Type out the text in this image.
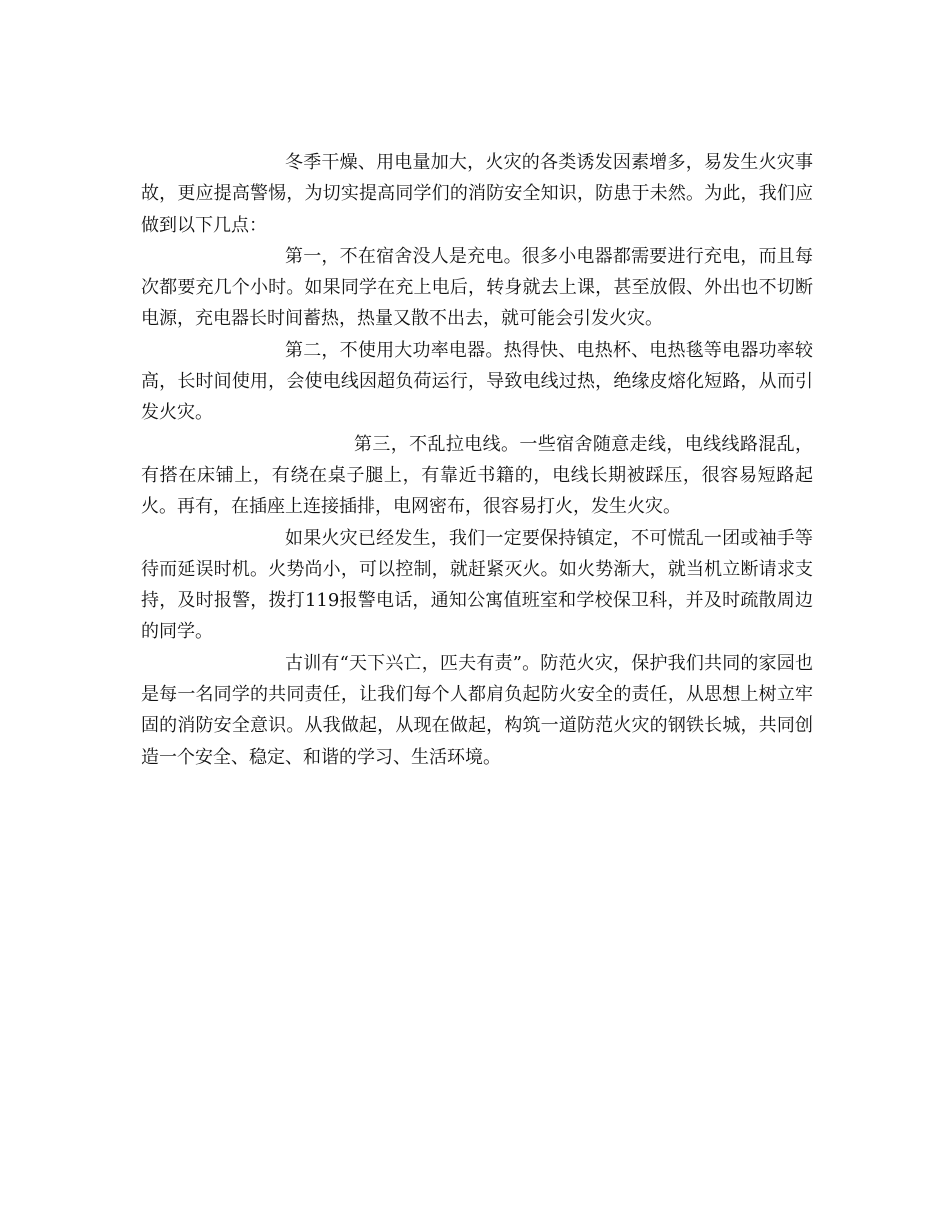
冬季干燥、用电量加大，火灾的各类诱发因素增多，易发生火灾事故，更应提高警惕，为切实提高同学们的消防安全知识，防患于未然。为此，我们应做到以下几点：

第一，不在宿舍没人是充电。很多小电器都需要进行充电，而且每次都要充几个小时。如果同学在充上电后，转身就去上课，甚至放假、外出也不切断电源，充电器长时间蓄热，热量又散不出去，就可能会引发火灾。

第二，不使用大功率电器。热得快、电热杯、电热毯等电器功率较高，长时间使用，会使电线因超负荷运行，导致电线过热，绝缘皮熔化短路，从而引发火灾。

第三，不乱拉电线。一些宿舍随意走线，电线线路混乱，有搭在床铺上，有绕在桌子腿上，有靠近书籍的，电线长期被踩压，很容易短路起火。再有，在插座上连接插排，电网密布，很容易打火，发生火灾。

如果火灾已经发生，我们一定要保持镇定，不可慌乱一团或袖手等待而延误时机。火势尚小，可以控制，就赶紧灭火。如火势渐大，就当机立断请求支持，及时报警，拨打119报警电话，通知公寓值班室和学校保卫科，并及时疏散周边的同学。

古训有“天下兴亡，匹夫有责”。防范火灾，保护我们共同的家园也是每一名同学的共同责任，让我们每个人都肩负起防火安全的责任，从思想上树立牢固的消防安全意识。从我做起，从现在做起，构筑一道防范火灾的钢铁长城，共同创造一个安全、稳定、和谐的学习、生活环境。
